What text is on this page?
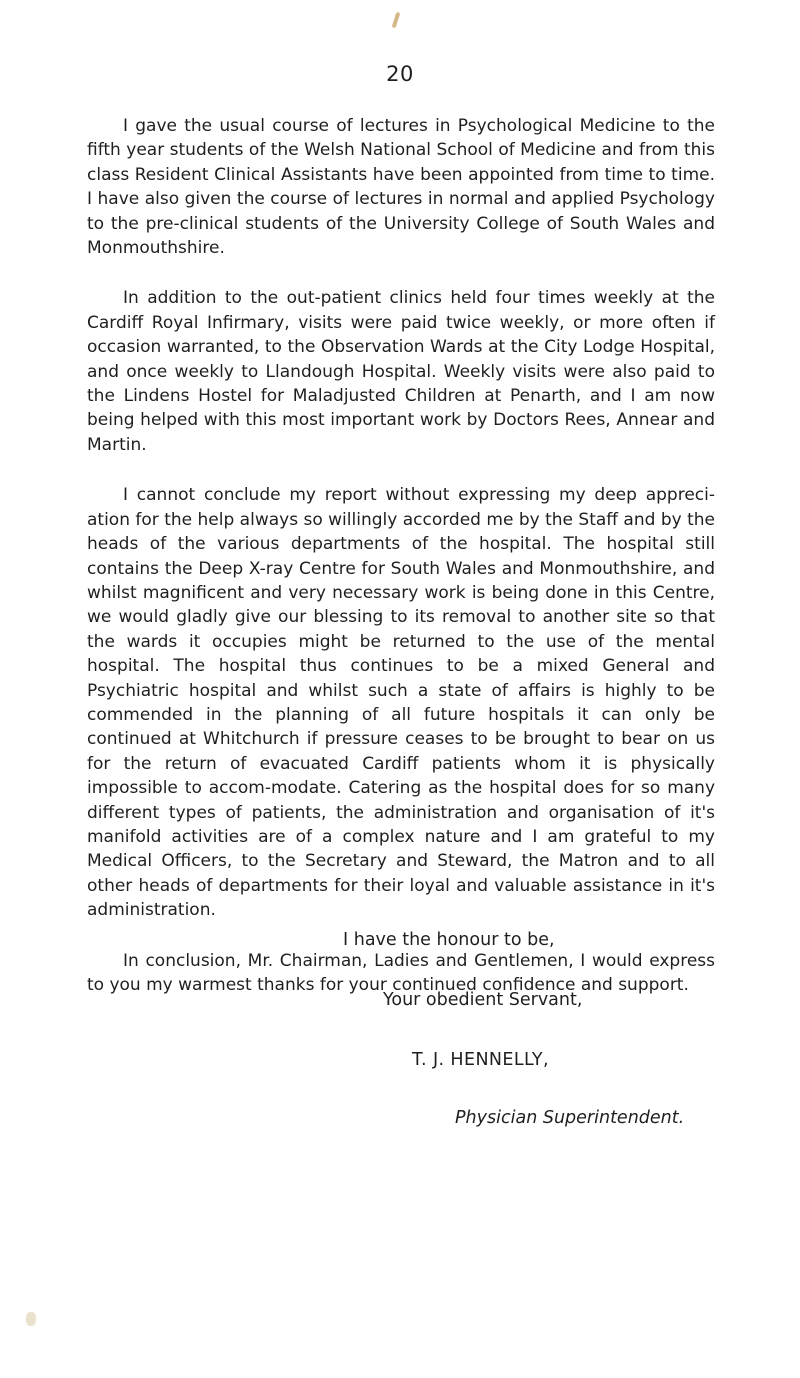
20

I gave the usual course of lectures in Psychological Medicine to the fifth year students of the Welsh National School of Medicine and from this class Resident Clinical Assistants have been appointed from time to time. I have also given the course of lectures in normal and applied Psychology to the pre-clinical students of the University College of South Wales and Monmouthshire.

In addition to the out-patient clinics held four times weekly at the Cardiff Royal Infirmary, visits were paid twice weekly, or more often if occasion warranted, to the Observation Wards at the City Lodge Hospital, and once weekly to Llandough Hospital. Weekly visits were also paid to the Lindens Hostel for Maladjusted Children at Penarth, and I am now being helped with this most important work by Doctors Rees, Annear and Martin.

I cannot conclude my report without expressing my deep appreci-ation for the help always so willingly accorded me by the Staff and by the heads of the various departments of the hospital. The hospital still contains the Deep X-ray Centre for South Wales and Monmouthshire, and whilst magnificent and very necessary work is being done in this Centre, we would gladly give our blessing to its removal to another site so that the wards it occupies might be returned to the use of the mental hospital. The hospital thus continues to be a mixed General and Psychiatric hospital and whilst such a state of affairs is highly to be commended in the planning of all future hospitals it can only be continued at Whitchurch if pressure ceases to be brought to bear on us for the return of evacuated Cardiff patients whom it is physically impossible to accom-modate. Catering as the hospital does for so many different types of patients, the administration and organisation of it's manifold activities are of a complex nature and I am grateful to my Medical Officers, to the Secretary and Steward, the Matron and to all other heads of departments for their loyal and valuable assistance in it's administration.

In conclusion, Mr. Chairman, Ladies and Gentlemen, I would express to you my warmest thanks for your continued confidence and support.

I have the honour to be,
Your obedient Servant,
T. J. HENNELLY,
Physician Superintendent.
